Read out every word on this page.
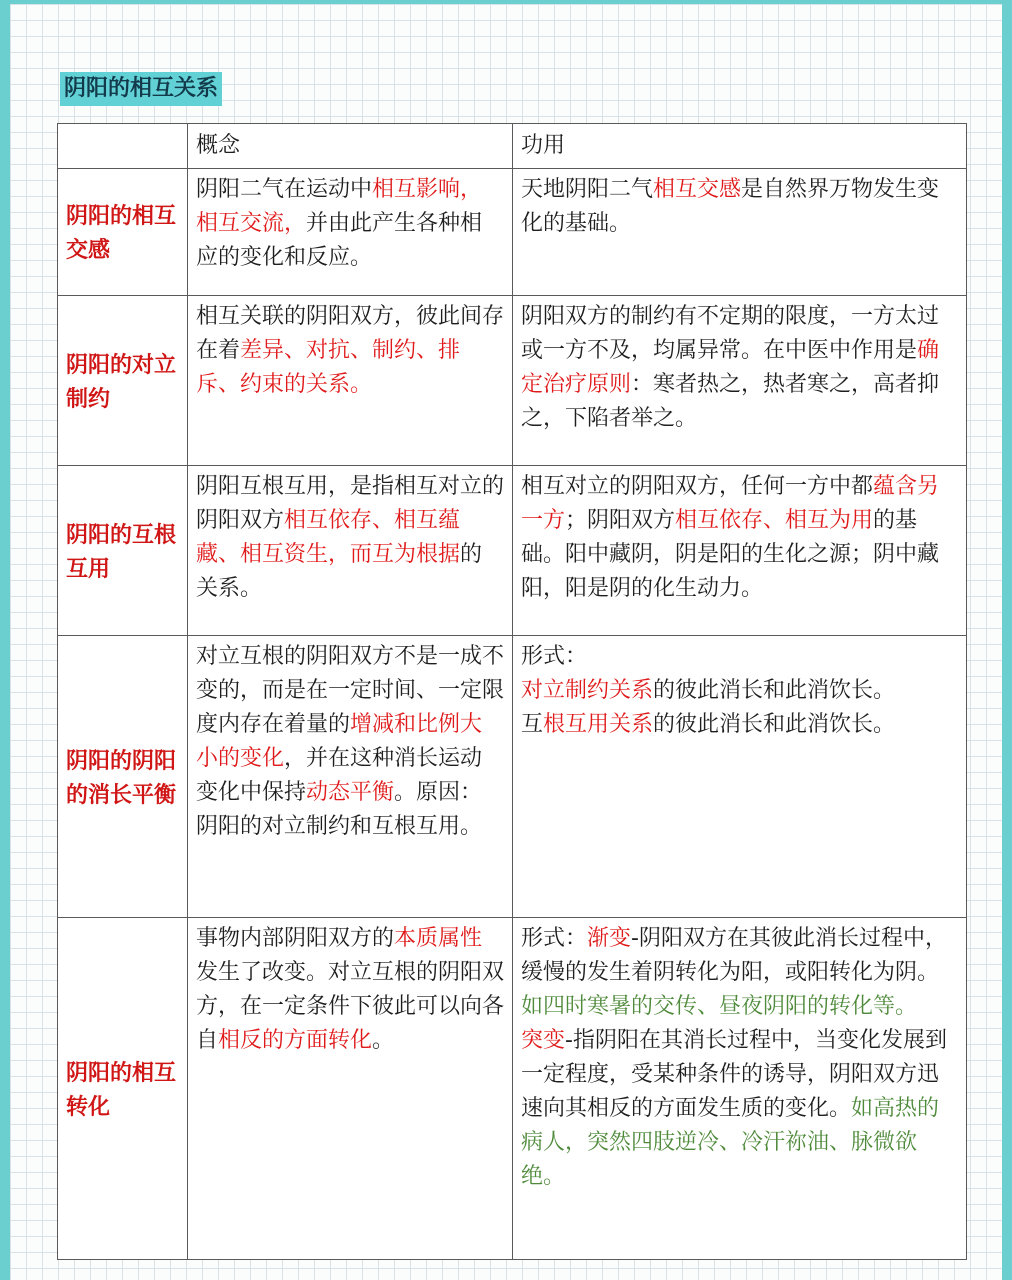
阴阳的相互关系
	概念	功用
阴阳的相互交感	阴阳二气在运动中相互影响，相互交流，并由此产生各种相应的变化和反应。	天地阴阳二气相互交感是自然界万物发生变化的基础。
阴阳的对立制约	相互关联的阴阳双方，彼此间存在着差异、对抗、制约、排斥、约束的关系。	阴阳双方的制约有不定期的限度，一方太过或一方不及，均属异常。在中医中作用是确定治疗原则：寒者热之，热者寒之，高者抑之，下陷者举之。
阴阳的互根互用	阴阳互根互用，是指相互对立的阴阳双方相互依存、相互蕴藏、相互资生，而互为根据的关系。	相互对立的阴阳双方，任何一方中都蕴含另一方；阴阳双方相互依存、相互为用的基础。阳中藏阴，阴是阳的生化之源；阴中藏阳，阳是阴的化生动力。
阴阳的阴阳的消长平衡	对立互根的阴阳双方不是一成不变的，而是在一定时间、一定限度内存在着量的增减和比例大小的变化，并在这种消长运动变化中保持动态平衡。原因：阴阳的对立制约和互根互用。	形式：
对立制约关系的彼此消长和此消饮长。
互根互用关系的彼此消长和此消饮长。
阴阳的相互转化	事物内部阴阳双方的本质属性发生了改变。对立互根的阴阳双方，在一定条件下彼此可以向各自相反的方面转化。	形式：渐变-阴阳双方在其彼此消长过程中，缓慢的发生着阴转化为阳，或阳转化为阴。如四时寒暑的交传、昼夜阴阳的转化等。
突变-指阴阳在其消长过程中，当变化发展到一定程度，受某种条件的诱导，阴阳双方迅速向其相反的方面发生质的变化。如高热的病人，突然四肢逆冷、冷汗祢油、脉微欲绝。
